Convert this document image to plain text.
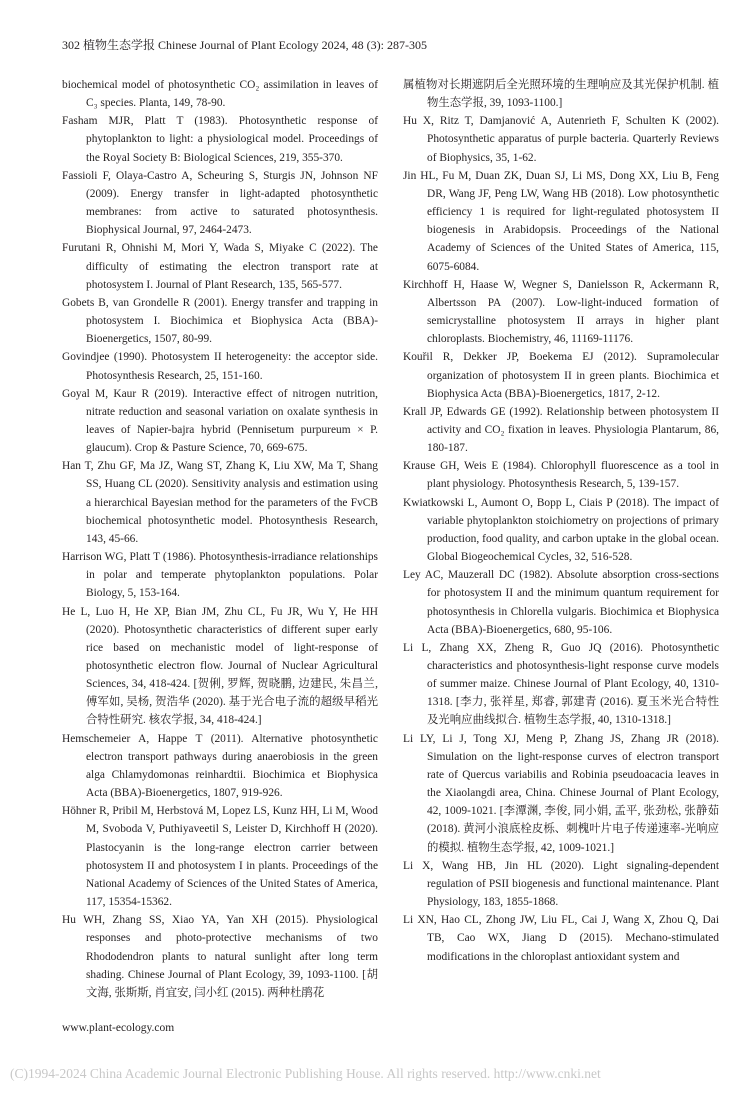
302 植物生态学报 Chinese Journal of Plant Ecology 2024, 48 (3): 287-305

biochemical model of photosynthetic CO₂ assimilation in leaves of C₃ species. Planta, 149, 78-90.

Fasham MJR, Platt T (1983). Photosynthetic response of phytoplankton to light: a physiological model. Proceedings of the Royal Society B: Biological Sciences, 219, 355-370.

Fassioli F, Olaya-Castro A, Scheuring S, Sturgis JN, Johnson NF (2009). Energy transfer in light-adapted photosynthetic membranes: from active to saturated photosynthesis. Biophysical Journal, 97, 2464-2473.

Furutani R, Ohnishi M, Mori Y, Wada S, Miyake C (2022). The difficulty of estimating the electron transport rate at photosystem I. Journal of Plant Research, 135, 565-577.

Gobets B, van Grondelle R (2001). Energy transfer and trapping in photosystem I. Biochimica et Biophysica Acta (BBA)-Bioenergetics, 1507, 80-99.

Govindjee (1990). Photosystem II heterogeneity: the acceptor side. Photosynthesis Research, 25, 151-160.

Goyal M, Kaur R (2019). Interactive effect of nitrogen nutrition, nitrate reduction and seasonal variation on oxalate synthesis in leaves of Napier-bajra hybrid (Pennisetum purpureum × P. glaucum). Crop & Pasture Science, 70, 669-675.

Han T, Zhu GF, Ma JZ, Wang ST, Zhang K, Liu XW, Ma T, Shang SS, Huang CL (2020). Sensitivity analysis and estimation using a hierarchical Bayesian method for the parameters of the FvCB biochemical photosynthetic model. Photosynthesis Research, 143, 45-66.

Harrison WG, Platt T (1986). Photosynthesis-irradiance relationships in polar and temperate phytoplankton populations. Polar Biology, 5, 153-164.

He L, Luo H, He XP, Bian JM, Zhu CL, Fu JR, Wu Y, He HH (2020). Photosynthetic characteristics of different super early rice based on mechanistic model of light-response of photosynthetic electron flow. Journal of Nuclear Agricultural Sciences, 34, 418-424. [贺俐, 罗辉, 贺晓鹏, 边建民, 朱昌兰, 傅军如, 吴杨, 贺浩华 (2020). 基于光合电子流的超级早稻光合特性研究. 核农学报, 34, 418-424.]

Hemschemeier A, Happe T (2011). Alternative photosynthetic electron transport pathways during anaerobiosis in the green alga Chlamydomonas reinhardtii. Biochimica et Biophysica Acta (BBA)-Bioenergetics, 1807, 919-926.

Höhner R, Pribil M, Herbstová M, Lopez LS, Kunz HH, Li M, Wood M, Svoboda V, Puthiyaveetil S, Leister D, Kirchhoff H (2020). Plastocyanin is the long-range electron carrier between photosystem II and photosystem I in plants. Proceedings of the National Academy of Sciences of the United States of America, 117, 15354-15362.

Hu WH, Zhang SS, Xiao YA, Yan XH (2015). Physiological responses and photo-protective mechanisms of two Rhododendron plants to natural sunlight after long term shading. Chinese Journal of Plant Ecology, 39, 1093-1100. [胡文海, 张斯斯, 肖宜安, 闫小红 (2015). 两种杜鹃花

属植物对长期遮阴后全光照环境的生理响应及其光保护机制. 植物生态学报, 39, 1093-1100.]

Hu X, Ritz T, Damjanović A, Autenrieth F, Schulten K (2002). Photosynthetic apparatus of purple bacteria. Quarterly Reviews of Biophysics, 35, 1-62.

Jin HL, Fu M, Duan ZK, Duan SJ, Li MS, Dong XX, Liu B, Feng DR, Wang JF, Peng LW, Wang HB (2018). Low photosynthetic efficiency 1 is required for light-regulated photosystem II biogenesis in Arabidopsis. Proceedings of the National Academy of Sciences of the United States of America, 115, 6075-6084.

Kirchhoff H, Haase W, Wegner S, Danielsson R, Ackermann R, Albertsson PA (2007). Low-light-induced formation of semicrystalline photosystem II arrays in higher plant chloroplasts. Biochemistry, 46, 11169-11176.

Kouřil R, Dekker JP, Boekema EJ (2012). Supramolecular organization of photosystem II in green plants. Biochimica et Biophysica Acta (BBA)-Bioenergetics, 1817, 2-12.

Krall JP, Edwards GE (1992). Relationship between photosystem II activity and CO₂ fixation in leaves. Physiologia Plantarum, 86, 180-187.

Krause GH, Weis E (1984). Chlorophyll fluorescence as a tool in plant physiology. Photosynthesis Research, 5, 139-157.

Kwiatkowski L, Aumont O, Bopp L, Ciais P (2018). The impact of variable phytoplankton stoichiometry on projections of primary production, food quality, and carbon uptake in the global ocean. Global Biogeochemical Cycles, 32, 516-528.

Ley AC, Mauzerall DC (1982). Absolute absorption cross-sections for photosystem II and the minimum quantum requirement for photosynthesis in Chlorella vulgaris. Biochimica et Biophysica Acta (BBA)-Bioenergetics, 680, 95-106.

Li L, Zhang XX, Zheng R, Guo JQ (2016). Photosynthetic characteristics and photosynthesis-light response curve models of summer maize. Chinese Journal of Plant Ecology, 40, 1310-1318. [李力, 张祥星, 郑睿, 郭建青 (2016). 夏玉米光合特性及光响应曲线拟合. 植物生态学报, 40, 1310-1318.]

Li LY, Li J, Tong XJ, Meng P, Zhang JS, Zhang JR (2018). Simulation on the light-response curves of electron transport rate of Quercus variabilis and Robinia pseudoacacia leaves in the Xiaolangdi area, China. Chinese Journal of Plant Ecology, 42, 1009-1021. [李潭渊, 李俊, 同小娟, 孟平, 张劲松, 张静茹 (2018). 黄河小浪底栓皮栎、刺槐叶片电子传递速率-光响应的模拟. 植物生态学报, 42, 1009-1021.]

Li X, Wang HB, Jin HL (2020). Light signaling-dependent regulation of PSII biogenesis and functional maintenance. Plant Physiology, 183, 1855-1868.

Li XN, Hao CL, Zhong JW, Liu FL, Cai J, Wang X, Zhou Q, Dai TB, Cao WX, Jiang D (2015). Mechano-stimulated modifications in the chloroplast antioxidant system and

www.plant-ecology.com
(C)1994-2024 China Academic Journal Electronic Publishing House. All rights reserved. http://www.cnki.net
